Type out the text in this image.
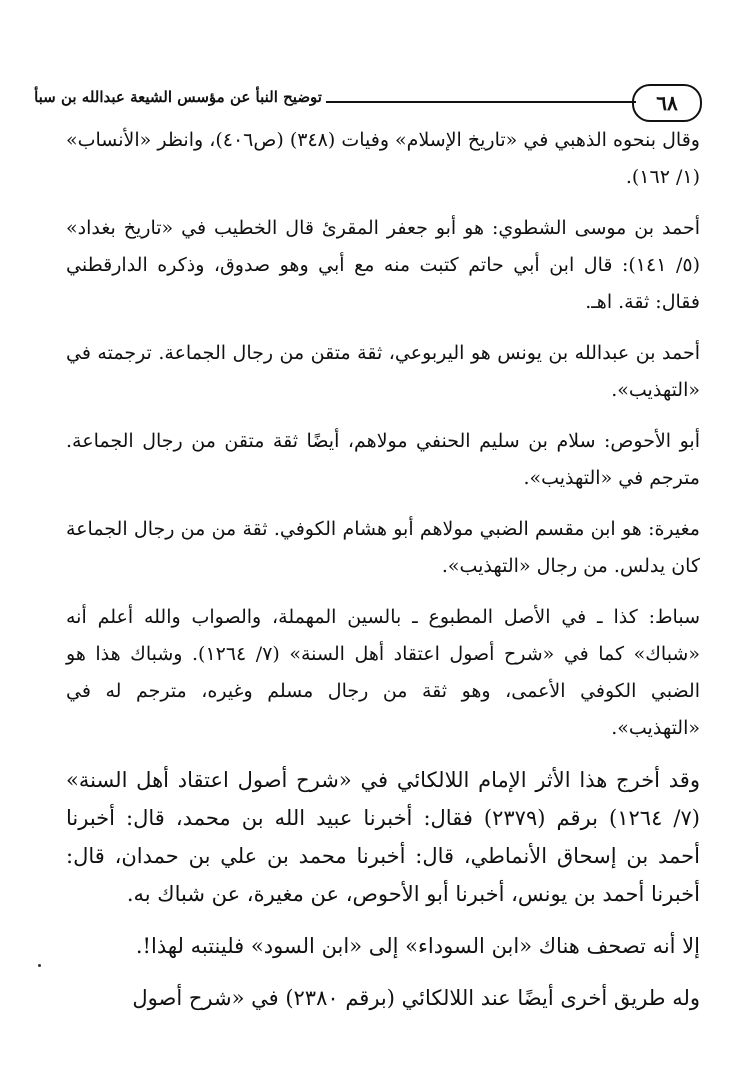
٦٨
توضيح النبأ عن مؤسس الشيعة عبدالله بن سبأ

وقال بنحوه الذهبي في «تاريخ الإسلام» وفيات (٣٤٨) (ص٤٠٦)، وانظر «الأنساب» (١/ ١٦٢).

أحمد بن موسى الشطوي: هو أبو جعفر المقرئ قال الخطيب في «تاريخ بغداد» (٥/ ١٤١): قال ابن أبي حاتم كتبت منه مع أبي وهو صدوق، وذكره الدارقطني فقال: ثقة. اهـ.

أحمد بن عبدالله بن يونس هو اليربوعي، ثقة متقن من رجال الجماعة. ترجمته في «التهذيب».

أبو الأحوص: سلام بن سليم الحنفي مولاهم، أيضًا ثقة متقن من رجال الجماعة. مترجم في «التهذيب».

مغيرة: هو ابن مقسم الضبي مولاهم أبو هشام الكوفي. ثقة من من رجال الجماعة كان يدلس. من رجال «التهذيب».

سباط: كذا ـ في الأصل المطبوع ـ بالسين المهملة، والصواب والله أعلم أنه «شباك» كما في «شرح أصول اعتقاد أهل السنة» (٧/ ١٢٦٤). وشباك هذا هو الضبي الكوفي الأعمى، وهو ثقة من رجال مسلم وغيره، مترجم له في «التهذيب».

وقد أخرج هذا الأثر الإمام اللالكائي في «شرح أصول اعتقاد أهل السنة» (٧/ ١٢٦٤) برقم (٢٣٧٩) فقال: أخبرنا عبيد الله بن محمد، قال: أخبرنا أحمد بن إسحاق الأنماطي، قال: أخبرنا محمد بن علي بن حمدان، قال: أخبرنا أحمد بن يونس، أخبرنا أبو الأحوص، عن مغيرة، عن شباك به.

إلا أنه تصحف هناك «ابن السوداء» إلى «ابن السود» فلينتبه لهذا!.

وله طريق أخرى أيضًا عند اللالكائي (برقم ٢٣٨٠) في «شرح أصول
